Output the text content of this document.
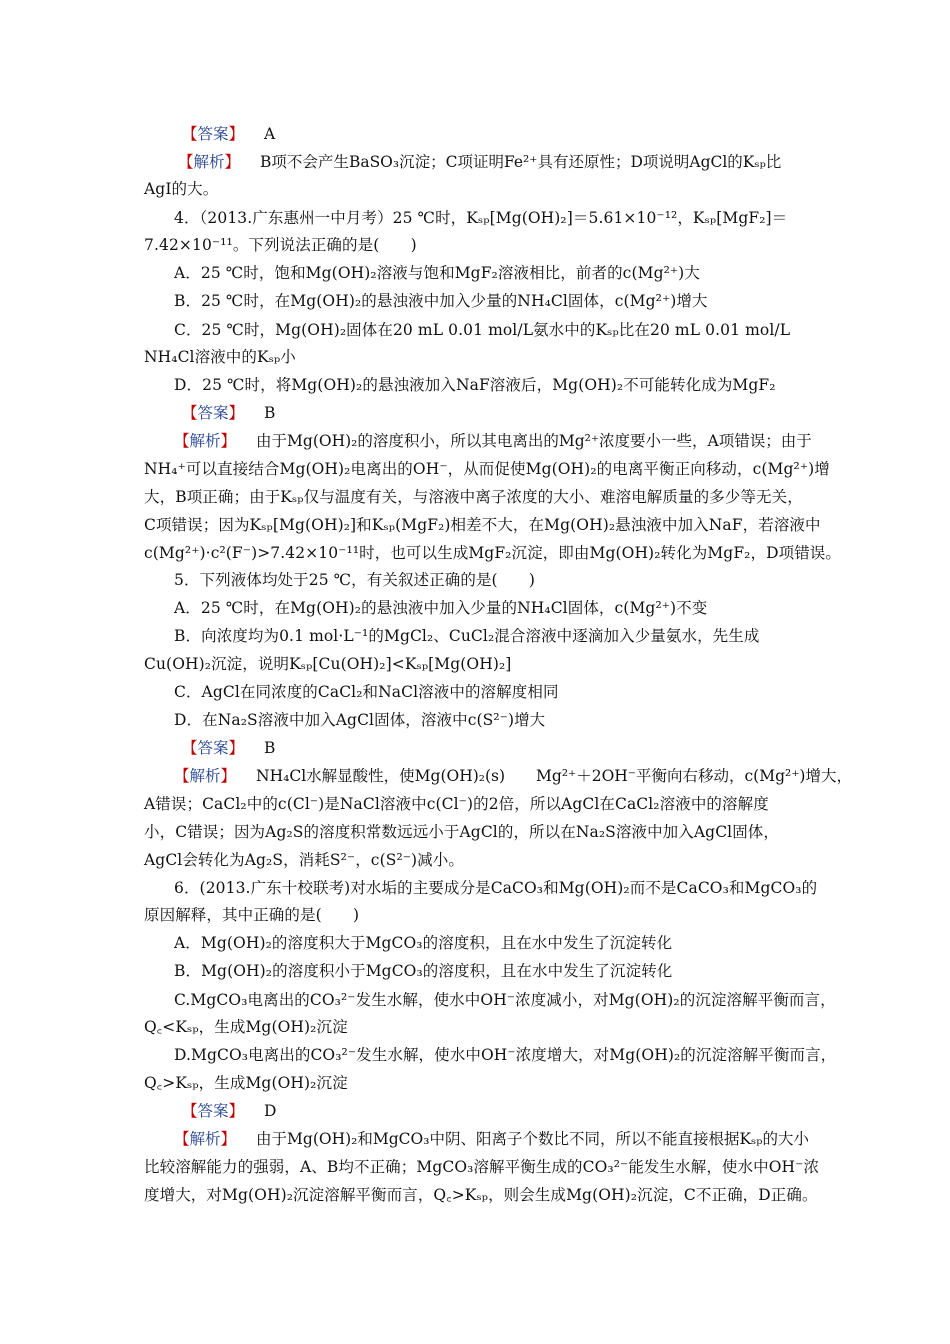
【答案】 A
【解析】 B项不会产生BaSO₃沉淀；C项证明Fe²⁺具有还原性；D项说明AgCl的Kₛₚ比
AgI的大。
4．（2013.广东惠州一中月考）25 ℃时，Kₛₚ[Mg(OH)₂]＝5.61×10⁻¹²，Kₛₚ[MgF₂]＝
7.42×10⁻¹¹。下列说法正确的是(　　)
A．25 ℃时，饱和Mg(OH)₂溶液与饱和MgF₂溶液相比，前者的c(Mg²⁺)大
B．25 ℃时，在Mg(OH)₂的悬浊液中加入少量的NH₄Cl固体，c(Mg²⁺)增大
C．25 ℃时，Mg(OH)₂固体在20 mL 0.01 mol/L氨水中的Kₛₚ比在20 mL 0.01 mol/L
NH₄Cl溶液中的Kₛₚ小
D．25 ℃时，将Mg(OH)₂的悬浊液加入NaF溶液后，Mg(OH)₂不可能转化成为MgF₂
【答案】 B
【解析】 由于Mg(OH)₂的溶度积小，所以其电离出的Mg²⁺浓度要小一些，A项错误；由于
NH₄⁺可以直接结合Mg(OH)₂电离出的OH⁻，从而促使Mg(OH)₂的电离平衡正向移动，c(Mg²⁺)增
大，B项正确；由于Kₛₚ仅与温度有关，与溶液中离子浓度的大小、难溶电解质量的多少等无关，
C项错误；因为Kₛₚ[Mg(OH)₂]和Kₛₚ(MgF₂)相差不大，在Mg(OH)₂悬浊液中加入NaF，若溶液中
c(Mg²⁺)·c²(F⁻)>7.42×10⁻¹¹时，也可以生成MgF₂沉淀，即由Mg(OH)₂转化为MgF₂，D项错误。
5．下列液体均处于25 ℃，有关叙述正确的是(　　)
A．25 ℃时，在Mg(OH)₂的悬浊液中加入少量的NH₄Cl固体，c(Mg²⁺)不变
B．向浓度均为0.1 mol·L⁻¹的MgCl₂、CuCl₂混合溶液中逐滴加入少量氨水，先生成
Cu(OH)₂沉淀，说明Kₛₚ[Cu(OH)₂]<Kₛₚ[Mg(OH)₂]
C．AgCl在同浓度的CaCl₂和NaCl溶液中的溶解度相同
D．在Na₂S溶液中加入AgCl固体，溶液中c(S²⁻)增大
【答案】 B
【解析】 NH₄Cl水解显酸性，使Mg(OH)₂(s)　　Mg²⁺＋2OH⁻平衡向右移动，c(Mg²⁺)增大，
A错误；CaCl₂中的c(Cl⁻)是NaCl溶液中c(Cl⁻)的2倍，所以AgCl在CaCl₂溶液中的溶解度
小，C错误；因为Ag₂S的溶度积常数远远小于AgCl的，所以在Na₂S溶液中加入AgCl固体，
AgCl会转化为Ag₂S，消耗S²⁻，c(S²⁻)减小。
6．(2013.广东十校联考)对水垢的主要成分是CaCO₃和Mg(OH)₂而不是CaCO₃和MgCO₃的
原因解释，其中正确的是(　　)
A．Mg(OH)₂的溶度积大于MgCO₃的溶度积，且在水中发生了沉淀转化
B．Mg(OH)₂的溶度积小于MgCO₃的溶度积，且在水中发生了沉淀转化
C.MgCO₃电离出的CO₃²⁻发生水解，使水中OH⁻浓度减小，对Mg(OH)₂的沉淀溶解平衡而言，
Q꜀<Kₛₚ，生成Mg(OH)₂沉淀
D.MgCO₃电离出的CO₃²⁻发生水解，使水中OH⁻浓度增大，对Mg(OH)₂的沉淀溶解平衡而言，
Q꜀>Kₛₚ，生成Mg(OH)₂沉淀
【答案】 D
【解析】 由于Mg(OH)₂和MgCO₃中阴、阳离子个数比不同，所以不能直接根据Kₛₚ的大小
比较溶解能力的强弱，A、B均不正确；MgCO₃溶解平衡生成的CO₃²⁻能发生水解，使水中OH⁻浓
度增大，对Mg(OH)₂沉淀溶解平衡而言，Q꜀>Kₛₚ，则会生成Mg(OH)₂沉淀，C不正确，D正确。
